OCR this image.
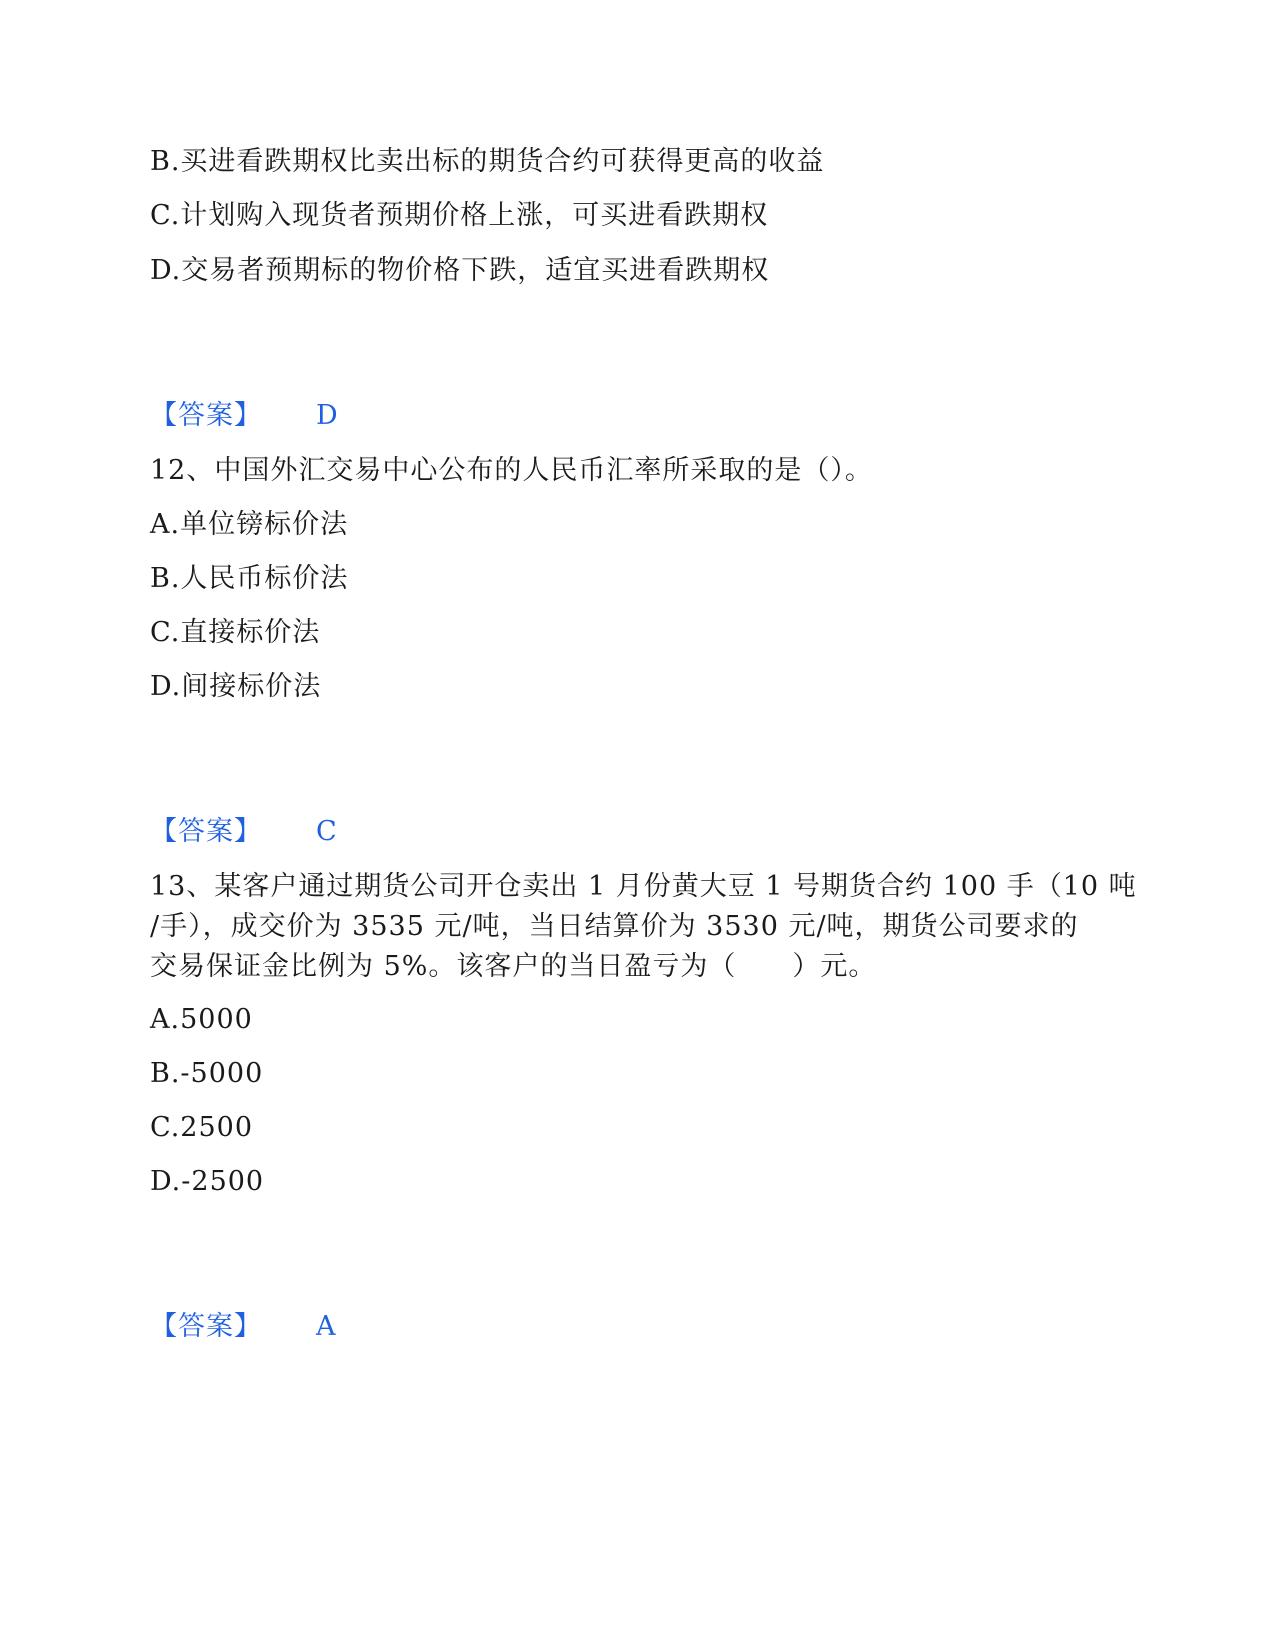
B.买进看跌期权比卖出标的期货合约可获得更高的收益
C.计划购入现货者预期价格上涨，可买进看跌期权
D.交易者预期标的物价格下跌，适宜买进看跌期权
【答案】 D
12、中国外汇交易中心公布的人民币汇率所采取的是（）。
A.单位镑标价法
B.人民币标价法
C.直接标价法
D.间接标价法
【答案】 C
13、某客户通过期货公司开仓卖出 1 月份黄大豆 1 号期货合约 100 手（10 吨
/手），成交价为 3535 元/吨，当日结算价为 3530 元/吨，期货公司要求的
交易保证金比例为 5%。该客户的当日盈亏为（　　）元。
A.5000
B.-5000
C.2500
D.-2500
【答案】 A
